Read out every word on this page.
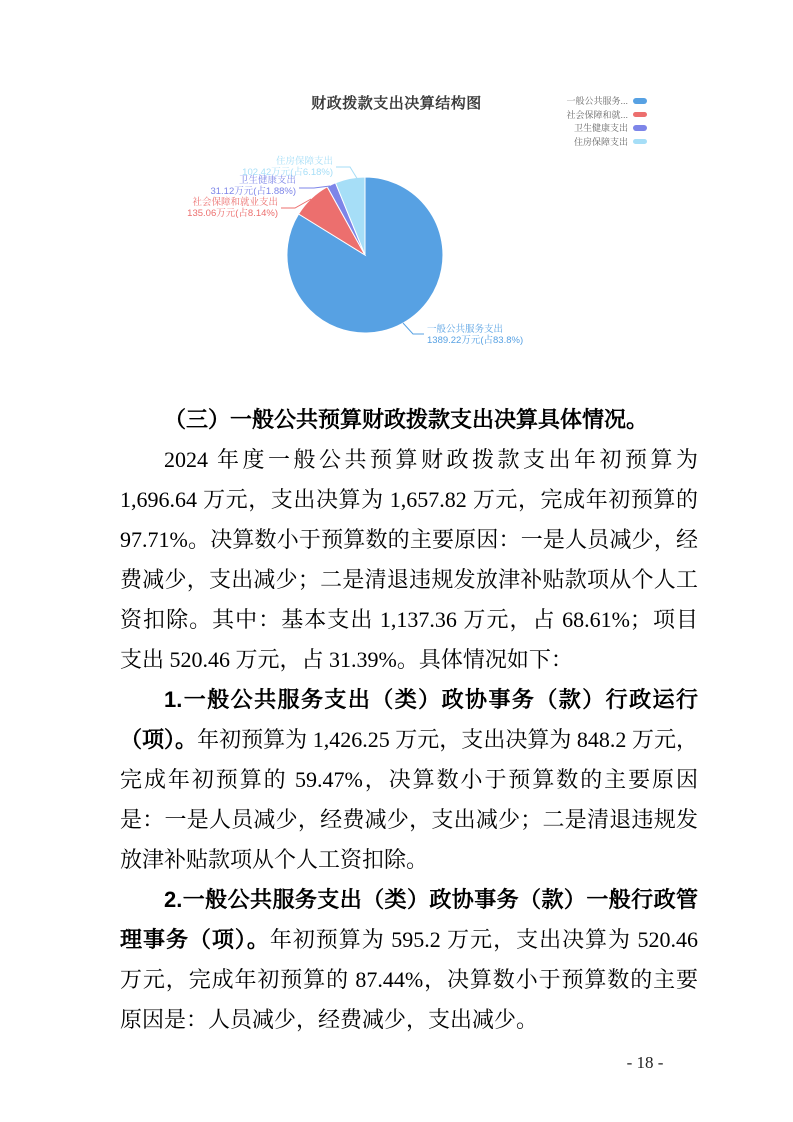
财政拨款支出决算结构图	一般公共服务...
社会保障和就...
卫生健康支出
住房保障支出
一般公共服务支出
1389.22万元(占83.8%)
社会保障和就业支出
135.06万元(占8.14%)
卫生健康支出
31.12万元(占1.88%)
住房保障支出
102.42万元(占6.18%)
（三）一般公共预算财政拨款支出决算具体情况。

2024 年度一般公共预算财政拨款支出年初预算为 1,696.64 万元，支出决算为 1,657.82 万元，完成年初预算的 97.71%。决算数小于预算数的主要原因：一是人员减少，经费减少，支出减少；二是清退违规发放津补贴款项从个人工资扣除。其中：基本支出 1,137.36 万元，占 68.61%；项目支出 520.46 万元，占 31.39%。具体情况如下：

1.一般公共服务支出（类）政协事务（款）行政运行（项）。年初预算为 1,426.25 万元，支出决算为 848.2 万元，完成年初预算的 59.47%，决算数小于预算数的主要原因是：一是人员减少，经费减少，支出减少；二是清退违规发放津补贴款项从个人工资扣除。

2.一般公共服务支出（类）政协事务（款）一般行政管理事务（项）。年初预算为 595.2 万元，支出决算为 520.46 万元，完成年初预算的 87.44%，决算数小于预算数的主要原因是：人员减少，经费减少，支出减少。

- 18 -
